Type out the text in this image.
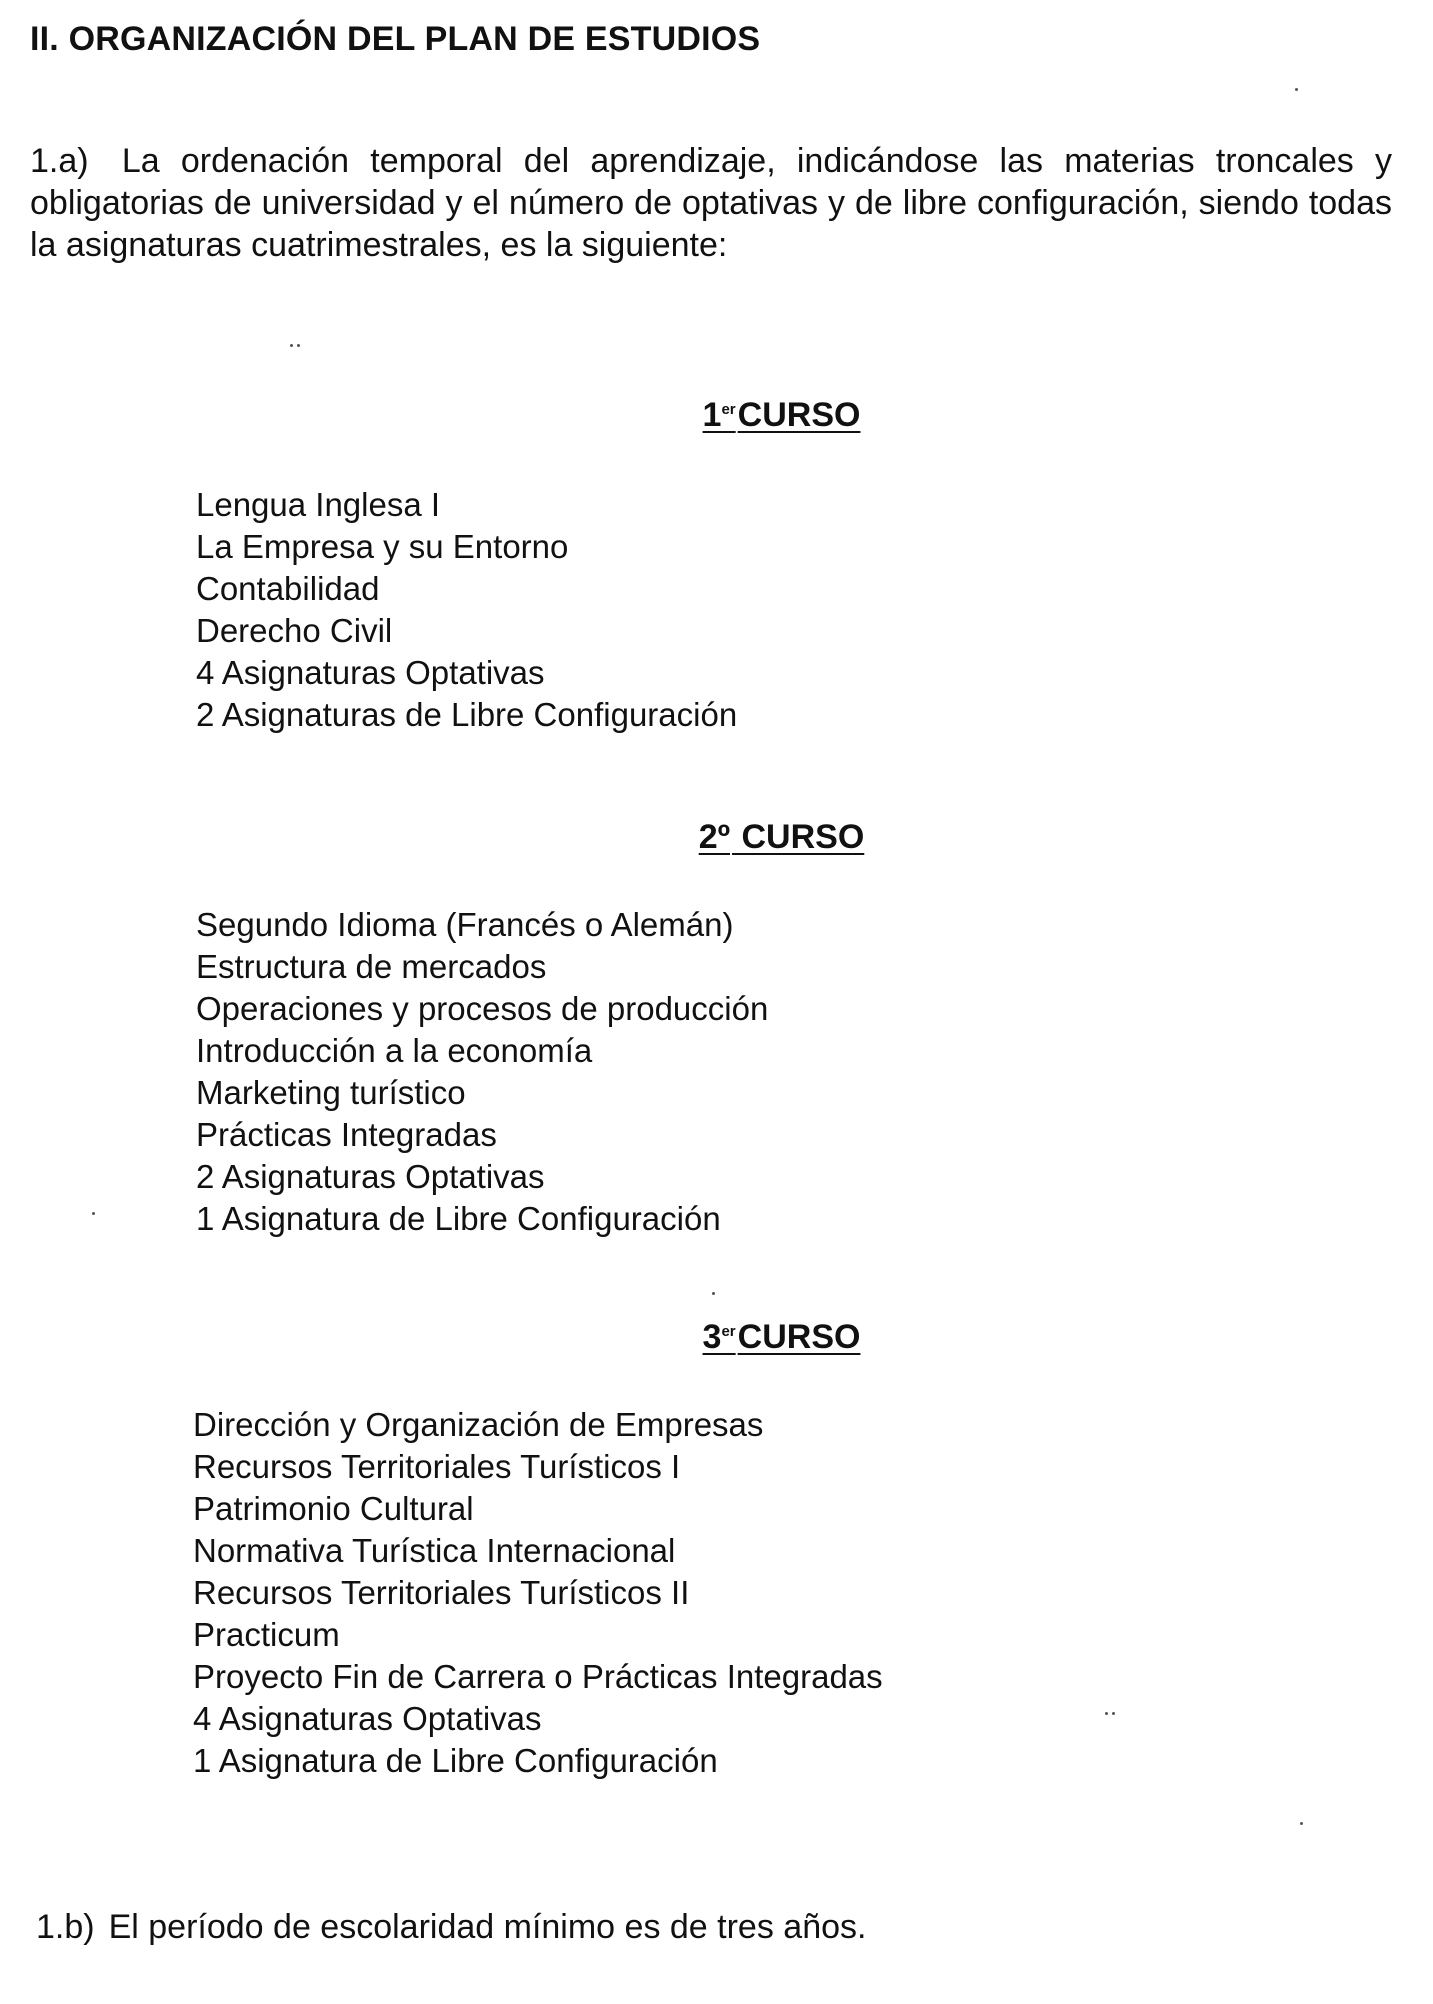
II. ORGANIZACIÓN DEL PLAN DE ESTUDIOS
1.a) La ordenación temporal del aprendizaje, indicándose las materias troncales y obligatorias de universidad y el número de optativas y de libre configuración, siendo todas la asignaturas cuatrimestrales, es la siguiente:
1erCURSO
Lengua Inglesa I
La Empresa y su Entorno
Contabilidad
Derecho Civil
4 Asignaturas Optativas
2 Asignaturas de Libre Configuración
2º CURSO
Segundo Idioma (Francés o Alemán)
Estructura de mercados
Operaciones y procesos de producción
Introducción a la economía
Marketing turístico
Prácticas Integradas
2 Asignaturas Optativas
1 Asignatura de Libre Configuración
3erCURSO
Dirección y Organización de Empresas
Recursos Territoriales Turísticos I
Patrimonio Cultural
Normativa Turística Internacional
Recursos Territoriales Turísticos II
Practicum
Proyecto Fin de Carrera o Prácticas Integradas
4 Asignaturas Optativas
1 Asignatura de Libre Configuración
1.b) El período de escolaridad mínimo es de tres años.
